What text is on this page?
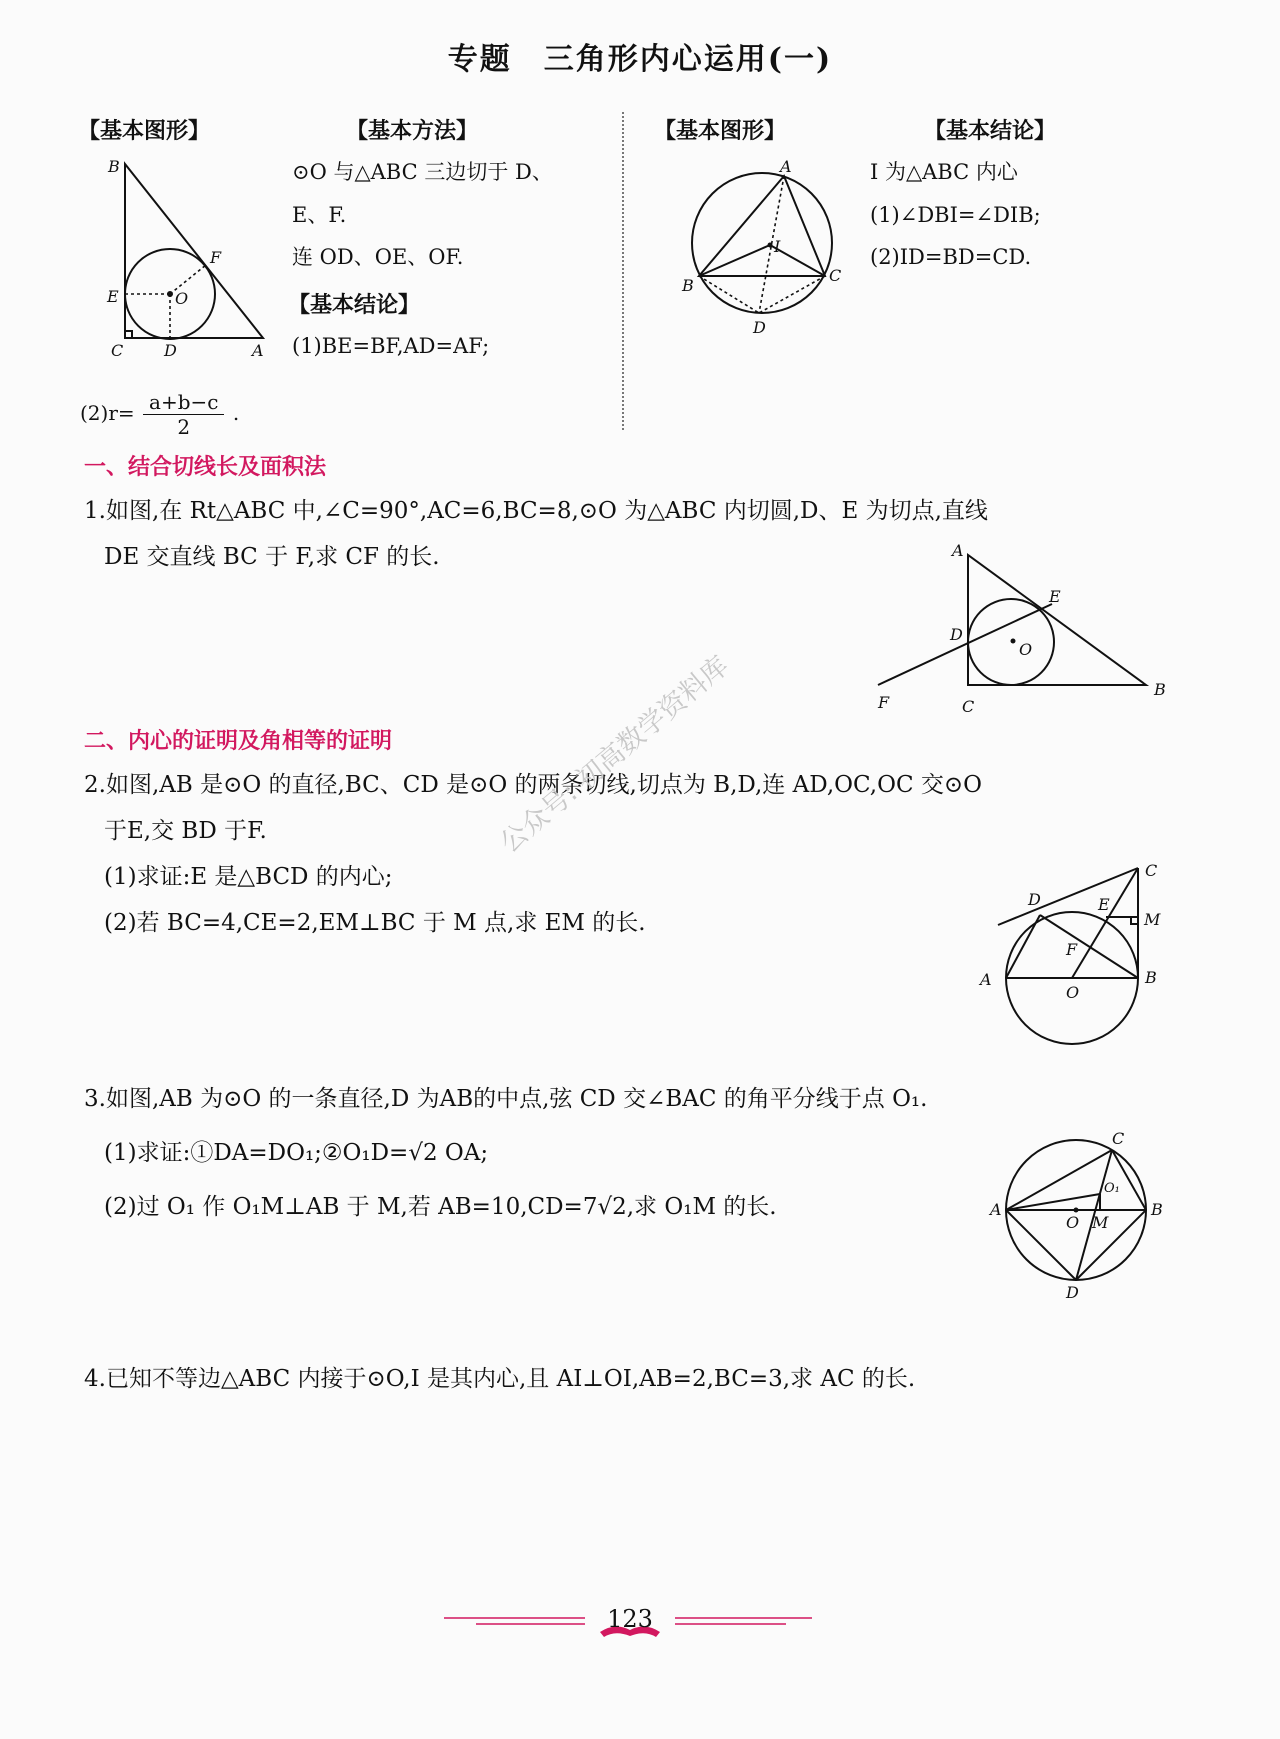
专题　三角形内心运用(一)
【基本图形】	【基本方法】
⊙O 与△ABC 三边切于 D、
E、F.
连 OD、OE、OF.
【基本结论】
(1)BE=BF,AD=AF;
$(2)r= \frac{a+b-c}{2}$ .
B
F
E	O
C	D	A
【基本图形】	【基本结论】
I 为△ABC 内心
(1)∠DBI=∠DIB;
(2)ID=BD=CD.
A
I
B
C
D
一、结合切线长及面积法
1.如图,在 Rt△ABC 中,∠C=90°,AC=6,BC=8,⊙O 为△ABC 内切圆,D、E 为切点,直线
DE 交直线 BC 于 F,求 CF 的长.	A
E
D
O
F	C
B
二、内心的证明及角相等的证明
2.如图,AB 是⊙O 的直径,BC、CD 是⊙O 的两条切线,切点为 B,D,连 AD,OC,OC 交⊙O
于E,交 BD 于F.
(1)求证:E 是△BCD 的内心;
(2)若 BC=4,CE=2,EM⊥BC 于 M 点,求 EM 的长.
公众号: 初高数学资料库
C
D	E
M
F
A
O
B
3.如图,AB 为⊙O 的一条直径,D 为AB的中点,弦 CD 交∠BAC 的角平分线于点 O₁.
(1)求证:①DA=DO₁;②O₁D=√2 OA;
(2)过 O₁ 作 O₁M⊥AB 于 M,若 AB=10,CD=7√2,求 O₁M 的长.
C
O₁
A
O M
B
D
4.已知不等边△ABC 内接于⊙O,I 是其内心,且 AI⊥OI,AB=2,BC=3,求 AC 的长.
123
